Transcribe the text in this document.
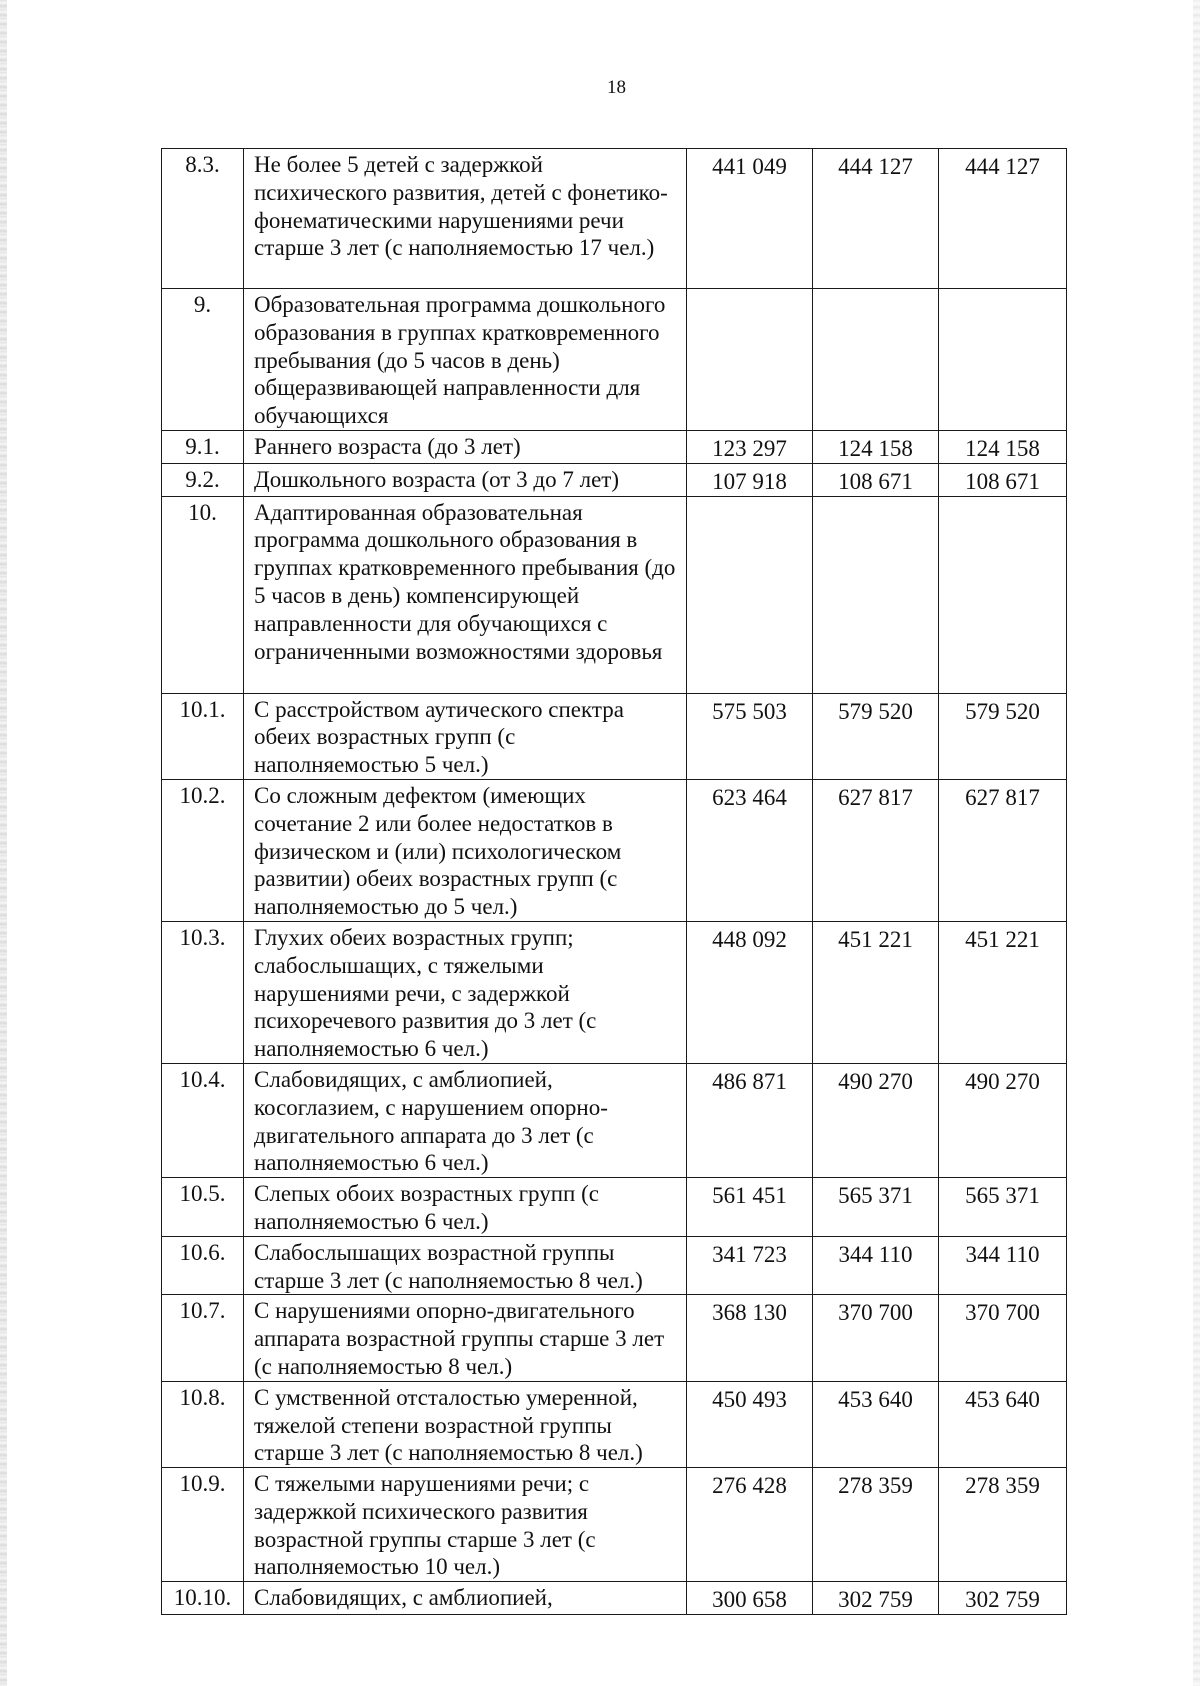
18
8.3.	Не более 5 детей с задержкой психического развития, детей с фонетико-фонематическими нарушениями речи старше 3 лет (с наполняемостью 17 чел.)	441 049	444 127	444 127
9.	Образовательная программа дошкольного образования в группах кратковременного пребывания (до 5 часов в день) общеразвивающей направленности для обучающихся			
9.1.	Раннего возраста (до 3 лет)	123 297	124 158	124 158
9.2.	Дошкольного возраста (от 3 до 7 лет)	107 918	108 671	108 671
10.	Адаптированная образовательная программа дошкольного образования в группах кратковременного пребывания (до 5 часов в день) компенсирующей направленности для обучающихся с ограниченными возможностями здоровья			
10.1.	С расстройством аутического спектра обеих возрастных групп (с наполняемостью 5 чел.)	575 503	579 520	579 520
10.2.	Со сложным дефектом (имеющих сочетание 2 или более недостатков в физическом и (или) психологическом развитии) обеих возрастных групп (с наполняемостью до 5 чел.)	623 464	627 817	627 817
10.3.	Глухих обеих возрастных групп; слабослышащих, с тяжелыми нарушениями речи, с задержкой психоречевого развития до 3 лет (с наполняемостью 6 чел.)	448 092	451 221	451 221
10.4.	Слабовидящих, с амблиопией, косоглазием, с нарушением опорно-двигательного аппарата до 3 лет (с наполняемостью 6 чел.)	486 871	490 270	490 270
10.5.	Слепых обоих возрастных групп (с наполняемостью 6 чел.)	561 451	565 371	565 371
10.6.	Слабослышащих возрастной группы старше 3 лет (с наполняемостью 8 чел.)	341 723	344 110	344 110
10.7.	С нарушениями опорно-двигательного аппарата возрастной группы старше 3 лет (с наполняемостью 8 чел.)	368 130	370 700	370 700
10.8.	С умственной отсталостью умеренной, тяжелой степени возрастной группы старше 3 лет (с наполняемостью 8 чел.)	450 493	453 640	453 640
10.9.	С тяжелыми нарушениями речи; с задержкой психического развития возрастной группы старше 3 лет (с наполняемостью 10 чел.)	276 428	278 359	278 359
10.10.	Слабовидящих, с амблиопией,	300 658	302 759	302 759
